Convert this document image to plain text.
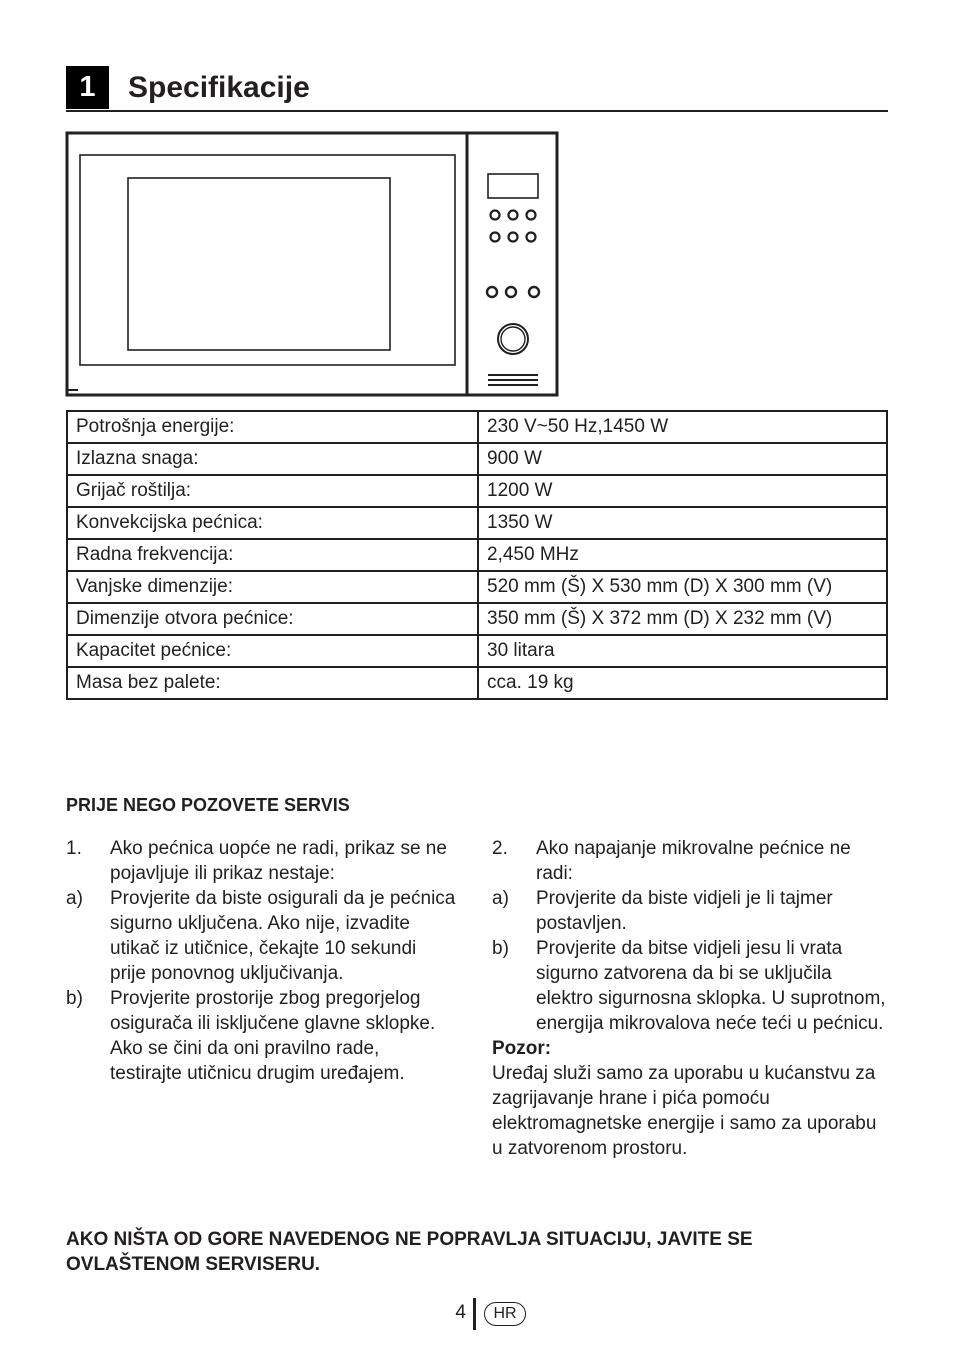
1	Specifikacije
Potrošnja energije:	230 V~50 Hz,1450 W
Izlazna snaga:	900 W
Grijač roštilja:	1200 W
Konvekcijska pećnica:	1350 W
Radna frekvencija:	2,450 MHz
Vanjske dimenzije:	520 mm (Š) X 530 mm (D) X 300 mm (V)
Dimenzije otvora pećnice:	350 mm (Š) X 372 mm (D) X 232 mm (V)
Kapacitet pećnice:	30 litara
Masa bez palete:	cca. 19 kg
PRIJE NEGO POZOVETE SERVIS
1.	Ako pećnica uopće ne radi, prikaz se ne pojavljuje ili prikaz nestaje:
a)	Provjerite da biste osigurali da je pećnica sigurno uključena. Ako nije, izvadite utikač iz utičnice, čekajte 10 sekundi prije ponovnog uključivanja.
b)	Provjerite prostorije zbog pregorjelog osigurača ili isključene glavne sklopke. Ako se čini da oni pravilno rade, testirajte utičnicu drugim uređajem.
2.	Ako napajanje mikrovalne pećnice ne radi:
a)	Provjerite da biste vidjeli je li tajmer postavljen.
b)	Provjerite da bitse vidjeli jesu li vrata sigurno zatvorena da bi se uključila elektro sigurnosna sklopka. U suprotnom, energija mikrovalova neće teći u pećnicu.
Pozor:
Uređaj služi samo za uporabu u kućanstvu za zagrijavanje hrane i pića pomoću elektromagnetske energije i samo za uporabu u zatvorenom prostoru.
AKO NIŠTA OD GORE NAVEDENOG NE POPRAVLJA SITUACIJU, JAVITE SE OVLAŠTENOM SERVISERU.
4	HR
